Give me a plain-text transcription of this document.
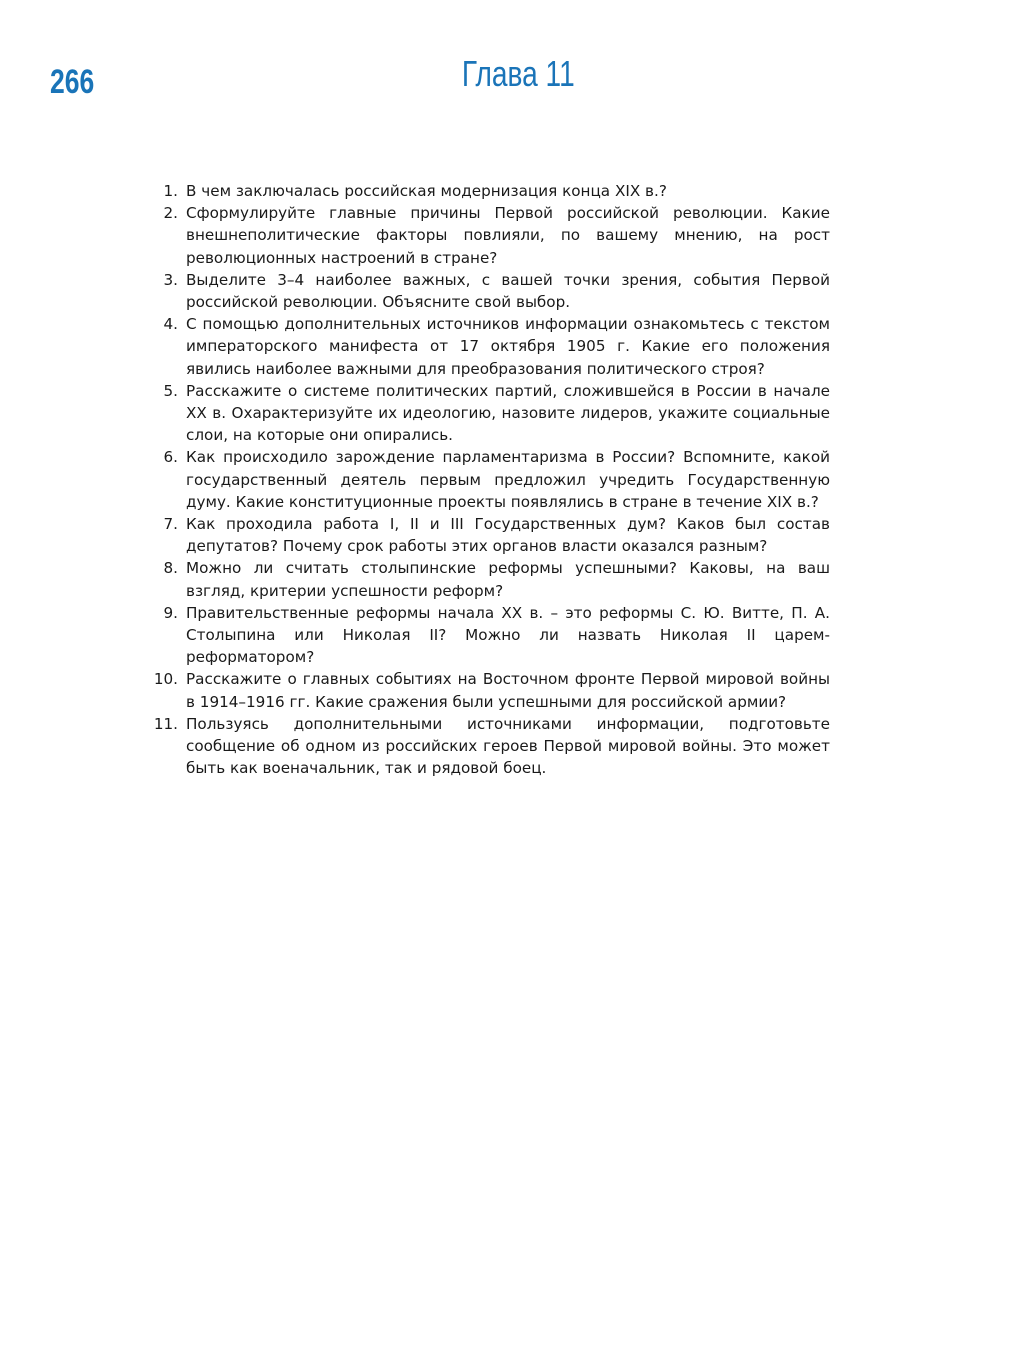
266	Глава 11
1. В чем заключалась российская модернизация конца XIX в.?
2. Сформулируйте главные причины Первой российской революции. Какие внешнеполитические факторы повлияли, по вашему мнению, на рост революционных настроений в стране?
3. Выделите 3–4 наиболее важных, с вашей точки зрения, события Первой российской революции. Объясните свой выбор.
4. С помощью дополнительных источников информации ознакомьтесь с текстом императорского манифеста от 17 октября 1905 г. Какие его положения явились наиболее важными для преобразования политического строя?
5. Расскажите о системе политических партий, сложившейся в России в начале XX в. Охарактеризуйте их идеологию, назовите лидеров, укажите социальные слои, на которые они опирались.
6. Как происходило зарождение парламентаризма в России? Вспомните, какой государственный деятель первым предложил учредить Государственную думу. Какие конституционные проекты появлялись в стране в течение XIX в.?
7. Как проходила работа I, II и III Государственных дум? Каков был состав депутатов? Почему срок работы этих органов власти оказался разным?
8. Можно ли считать столыпинские реформы успешными? Каковы, на ваш взгляд, критерии успешности реформ?
9. Правительственные реформы начала XX в. – это реформы С. Ю. Витте, П. А. Столыпина или Николая II? Можно ли назвать Николая II царем-реформатором?
10. Расскажите о главных событиях на Восточном фронте Первой мировой войны в 1914–1916 гг. Какие сражения были успешными для российской армии?
11. Пользуясь дополнительными источниками информации, подготовьте сообщение об одном из российских героев Первой мировой войны. Это может быть как военачальник, так и рядовой боец.
